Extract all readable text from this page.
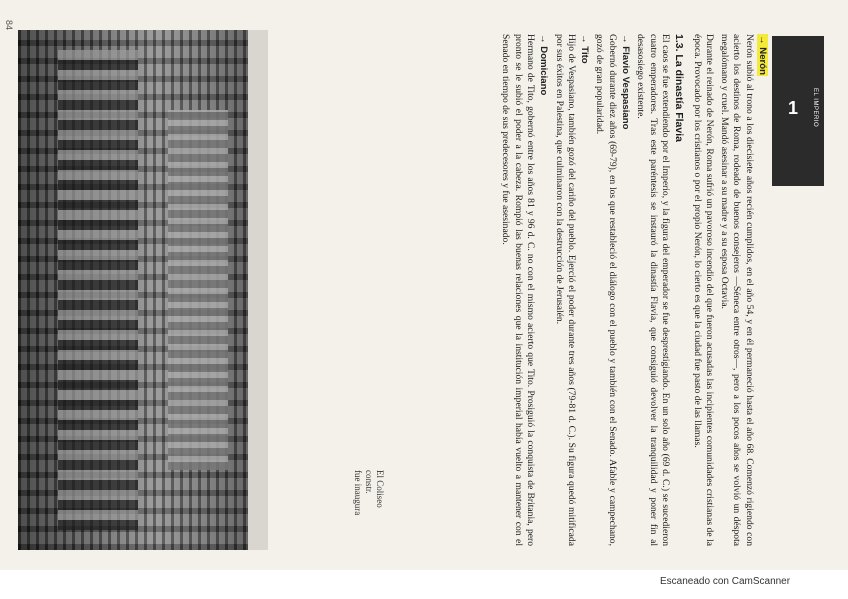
84
→ Nerón

Nerón subió al trono a los diecisiete años recién cumplidos, en el año 54, y en él permaneció hasta el año 68. Comenzó rigiendo con acierto los destinos de Roma, rodeado de buenos consejeros —Séneca entre otros—, pero a los pocos años se volvió un déspota megalómano y cruel. Mandó asesinar a su madre y a su esposa Octavia.

Durante el reinado de Nerón, Roma sufrió un pavoroso incendio del que fueron acusadas las incipientes comunidades cristianas de la época. Provocado por los cristianos o por el propio Nerón, lo cierto es que la ciudad fue pasto de las llamas.

1.3. La dinastía Flavia

El caos se fue extendiendo por el Imperio, y la figura del emperador se fue desprestigiando. En un solo año (69 d. C.) se sucedieron cuatro emperadores. Tras este paréntesis se instauró la dinastía Flavia, que consiguió devolver la tranquilidad y poner fin al desasosiego existente.

→ Flavio Vespasiano

Gobernó durante diez años (69-79), en los que restableció el diálogo con el pueblo y también con el Senado. Afable y campechano, gozó de gran popularidad.

→ Tito

Hijo de Vespasiano, también gozó del cariño del pueblo. Ejerció el poder durante tres años (79-81 d. C.). Su figura quedó mitificada por sus éxitos en Palestina, que culminaron con la destrucción de Jerusalén.

→ Domiciano

Hermano de Tito, gobernó entre los años 81 y 96 d. C. no con el mismo acierto que Tito. Prosiguió la conquista de Britania, pero pronto se le subió el poder a la cabeza. Rompió las buenas relaciones que la institución imperial había vuelto a mantener con el Senado en tiempo de sus predecesores y fue asesinado.

El Coliseo
constr.
fue inaugura
1 EL IMPERIO
Escaneado con CamScanner
